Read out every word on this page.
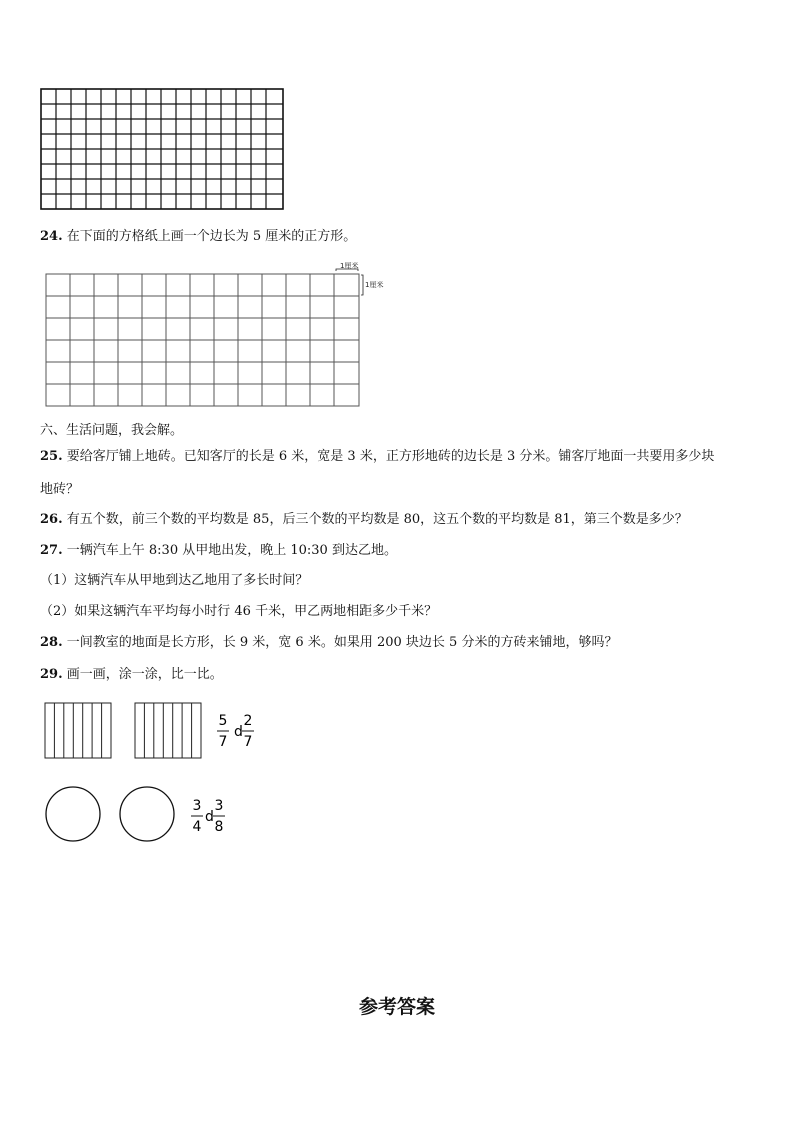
24. 在下面的方格纸上画一个边长为 5 厘米的正方形。
1厘米
1厘米
六、生活问题，我会解。
25. 要给客厅铺上地砖。已知客厅的长是 6 米，宽是 3 米，正方形地砖的边长是 3 分米。铺客厅地面一共要用多少块
地砖？
26. 有五个数，前三个数的平均数是 85，后三个数的平均数是 80，这五个数的平均数是 81，第三个数是多少？
27. 一辆汽车上午 8:30 从甲地出发，晚上 10:30 到达乙地。
（1）这辆汽车从甲地到达乙地用了多长时间？
（2）如果这辆汽车平均每小时行 46 千米，甲乙两地相距多少千米？
28. 一间教室的地面是长方形，长 9 米，宽 6 米。如果用 200 块边长 5 分米的方砖来铺地，够吗？
29. 画一画，涂一涂，比一比。
5
7
d
2
7
3
4
d
3
8
参考答案
